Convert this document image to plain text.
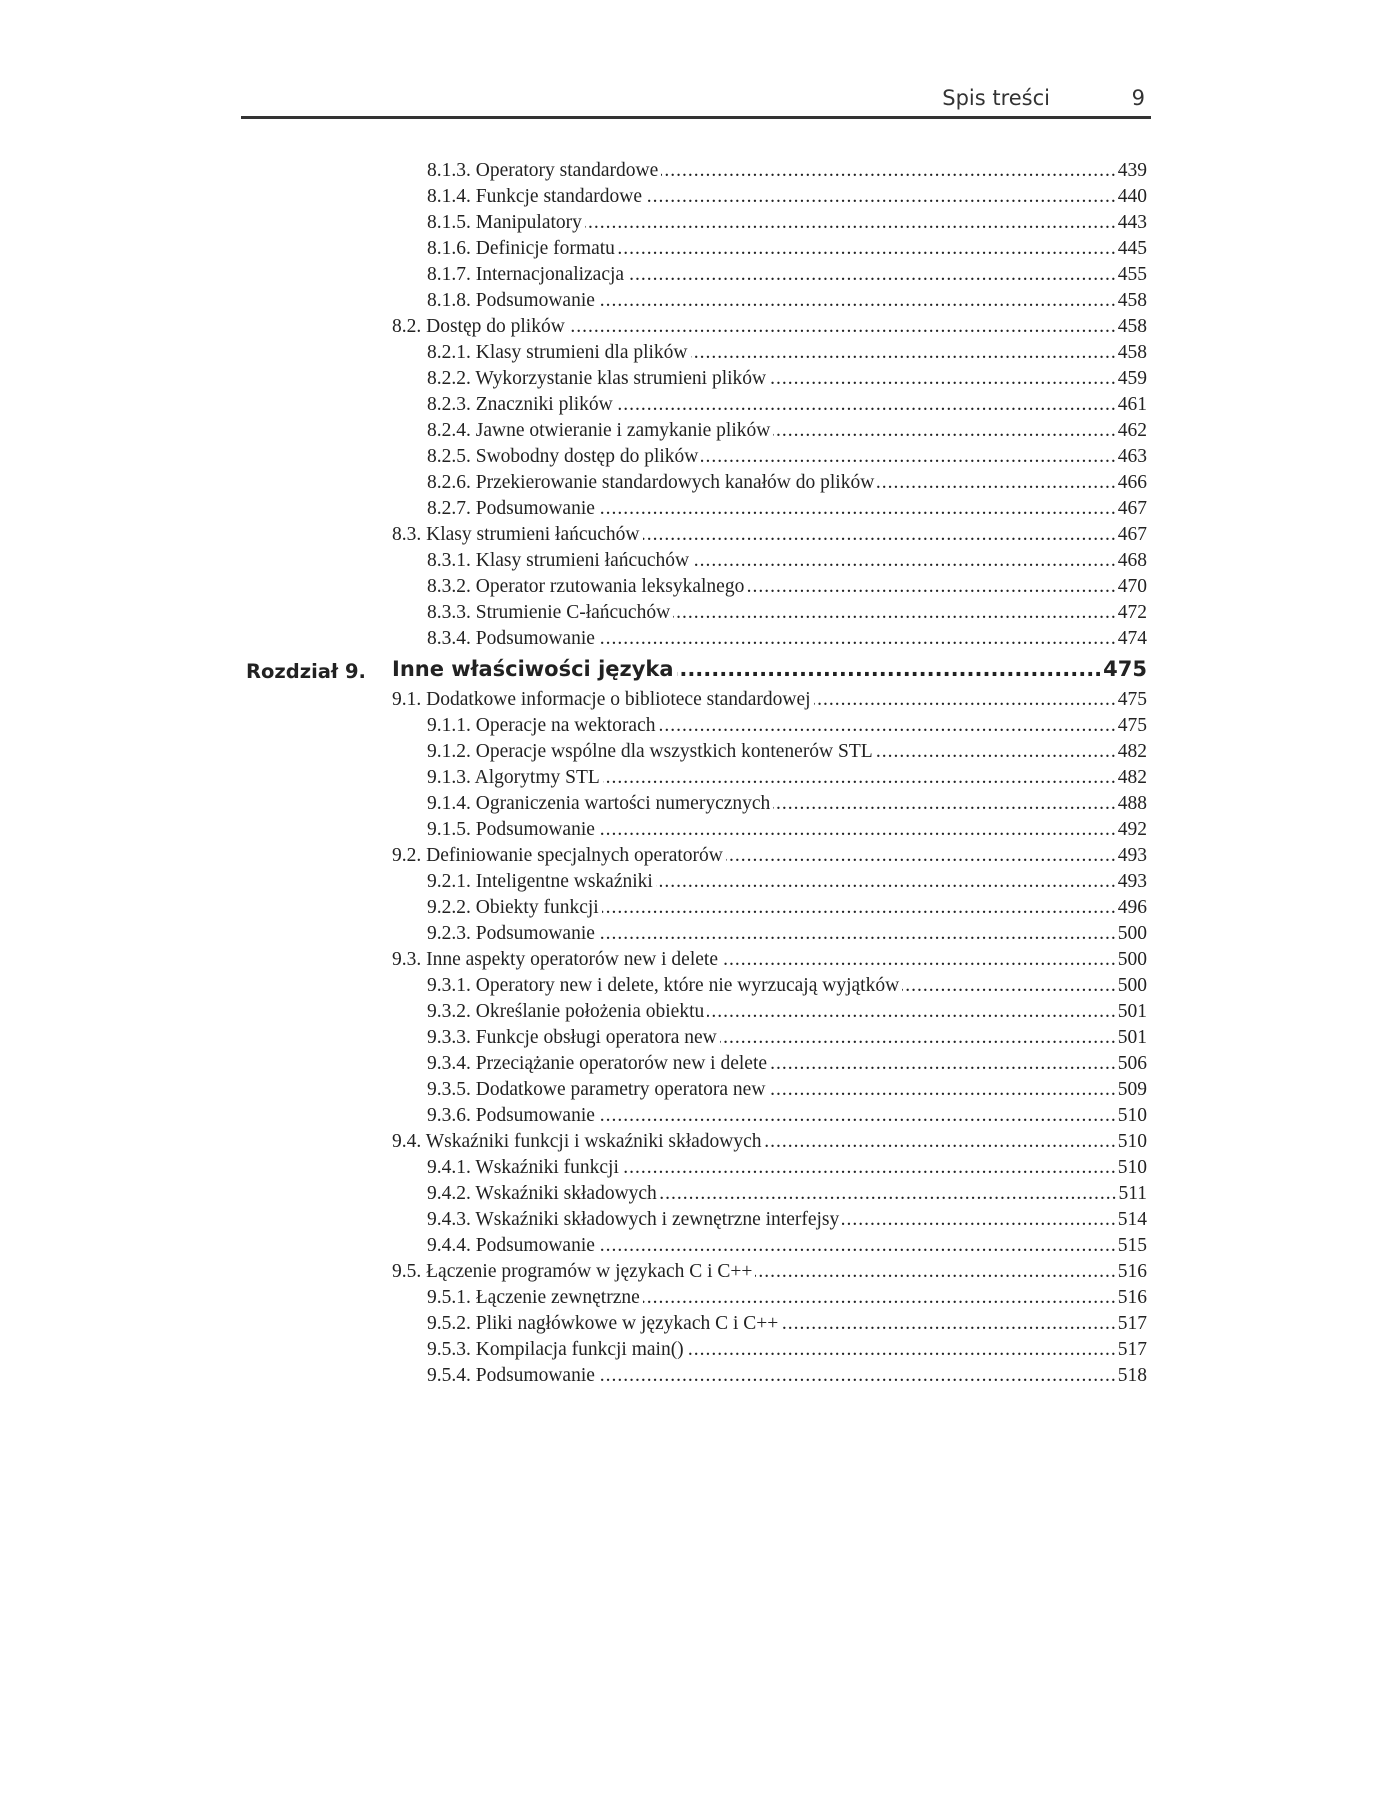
Spis treści	9
8.1.3. Operatory standardowe .....	439
8.1.4. Funkcje standardowe .....	440
8.1.5. Manipulatory .....	443
8.1.6. Definicje formatu .....	445
8.1.7. Internacjonalizacja .....	455
8.1.8. Podsumowanie .....	458
8.2. Dostęp do plików .....	458
8.2.1. Klasy strumieni dla plików .....	458
8.2.2. Wykorzystanie klas strumieni plików .....	459
8.2.3. Znaczniki plików .....	461
8.2.4. Jawne otwieranie i zamykanie plików .....	462
8.2.5. Swobodny dostęp do plików .....	463
8.2.6. Przekierowanie standardowych kanałów do plików .....	466
8.2.7. Podsumowanie .....	467
8.3. Klasy strumieni łańcuchów .....	467
8.3.1. Klasy strumieni łańcuchów .....	468
8.3.2. Operator rzutowania leksykalnego .....	470
8.3.3. Strumienie C-łańcuchów .....	472
8.3.4. Podsumowanie .....	474
Rozdział 9. Inne właściwości języka .....	475
9.1. Dodatkowe informacje o bibliotece standardowej .....	475
9.1.1. Operacje na wektorach .....	475
9.1.2. Operacje wspólne dla wszystkich kontenerów STL .....	482
9.1.3. Algorytmy STL .....	482
9.1.4. Ograniczenia wartości numerycznych .....	488
9.1.5. Podsumowanie .....	492
9.2. Definiowanie specjalnych operatorów .....	493
9.2.1. Inteligentne wskaźniki .....	493
9.2.2. Obiekty funkcji .....	496
9.2.3. Podsumowanie .....	500
9.3. Inne aspekty operatorów new i delete .....	500
9.3.1. Operatory new i delete, które nie wyrzucają wyjątków .....	500
9.3.2. Określanie położenia obiektu .....	501
9.3.3. Funkcje obsługi operatora new .....	501
9.3.4. Przeciążanie operatorów new i delete .....	506
9.3.5. Dodatkowe parametry operatora new .....	509
9.3.6. Podsumowanie .....	510
9.4. Wskaźniki funkcji i wskaźniki składowych .....	510
9.4.1. Wskaźniki funkcji .....	510
9.4.2. Wskaźniki składowych .....	511
9.4.3. Wskaźniki składowych i zewnętrzne interfejsy .....	514
9.4.4. Podsumowanie .....	515
9.5. Łączenie programów w językach C i C++ .....	516
9.5.1. Łączenie zewnętrzne .....	516
9.5.2. Pliki nagłówkowe w językach C i C++ .....	517
9.5.3. Kompilacja funkcji main() .....	517
9.5.4. Podsumowanie .....	518
